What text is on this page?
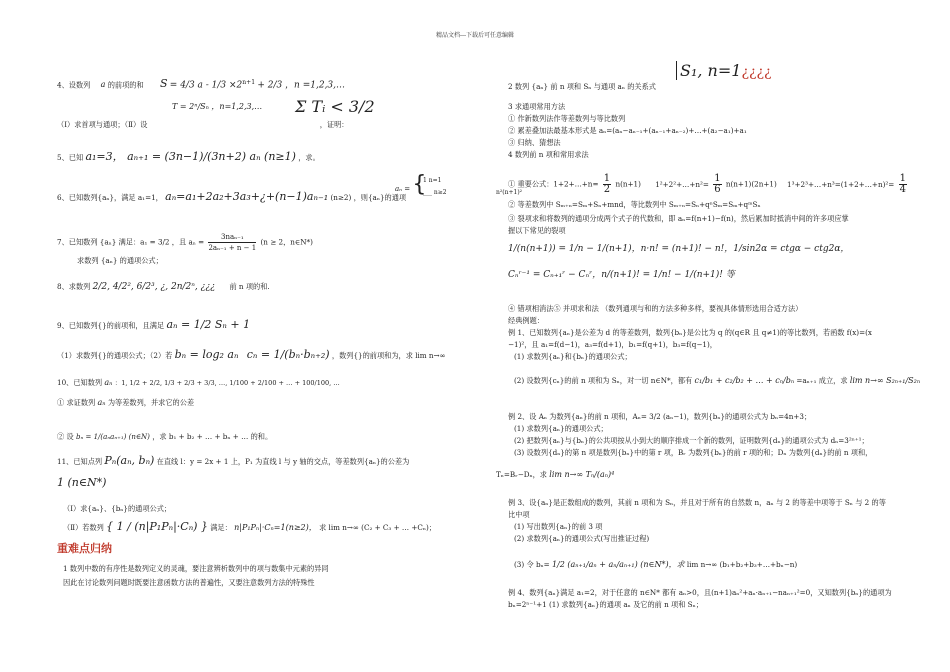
精品文档---下载后可任意编辑
4、设数列 a 的前项的和 S = 4/3 $a - 1/3 \times 2^{n+1} + 2/3$ ，n =1,2,3,…
T = 2ⁿ/Sₙ ，n=1,2,3,… Σ Tᵢ < 3/2
（Ⅰ）求首项与通项；（Ⅱ）设	，证明：
5、已知 a₁=3， aₙ₊₁ = (3n−1)/(3n+2) aₙ (n≥1) ，求。
6、已知数列{aₙ}，满足 a₁=1， aₙ=a₁+2a₂+3a₃+¿+(n−1)aₙ₋₁ (n≥2) ，则{aₙ}的通项
aₙ = {
1 n=1
___ n≥2
7、已知数列 {aₙ} 满足：a₁ = 3/2 ，且 $a_n = \frac{\text{3naₙ₋₁}}{\text{2aₙ₋₁ + n − 1}} (n \ge 2$，n∈N*)
求数列 {aₙ} 的通项公式；
8、求数列 2/2, 4/2², 6/2³, ¿, 2n/2ⁿ, ¿¿¿ 前 n 项的和.
9、已知数列{}的前项和，且满足 aₙ = 1/2 Sₙ + 1
（1）求数列{}的通项公式；（2）若 bₙ = log₂ aₙ cₙ = 1/(bₙ·bₙ₊₂) ，数列{}的前项和为，求 lim n→∞
10、已知数列 aₙ ：1, 1/2 + 2/2, 1/3 + 2/3 + 3/3, …, 1/100 + 2/100 + … + 100/100, …
① 求证数列 aₙ 为等差数列，并求它的公差
② 设 bₙ = 1/(aₙaₙ₊₁) (n∈N) ，求 b₁ + b₂ + … + bₙ + … 的和。
11、已知点列 Pₙ(aₙ, bₙ) 在直线 l：y = 2x + 1 上，P₁ 为直线 l 与 y 轴的交点，等差数列{aₙ}的公差为
1 (n∈N*)
（Ⅰ）求{aₙ}、{bₙ}的通项公式；
（Ⅱ）若数列 { 1 / (n|P₁Pₙ|·Cₙ) } 满足： n|P₁Pₙ|·Cₙ=1(n≥2)， 求 lim n→∞ (C₂ + C₃ + … +Cₙ)；
重难点归纳
1 数列中数的有序性是数列定义的灵魂，要注意辨析数列中的项与数集中元素的异同
因此在讨论数列问题时既要注意函数方法的普遍性，又要注意数列方法的特殊性
2 数列 {aₙ} 前 n 项和 Sₙ 与通项 aₙ 的关系式
S₁, n=1¿¿¿¿
3 求通项常用方法
① 作新数列法作等差数列与等比数列
② 累差叠加法最基本形式是 aₙ=(aₙ−aₙ₋₁+(aₙ₋₁+aₙ₋₂)+…+(a₂−a₁)+a₁
③ 归纳、猜想法
4 数列前 n 项和常用求法
① 重要公式：1+2+…+n= $\frac{1}{2} n(n+1)$ 1²+2²+…+n²= $\frac{1}{6} n(n+1)(2n+1)$ 1³+2³+…+n³=(1+2+…+n)²= $\frac{1}{4}$
n²(n+1)²
② 等差数列中 Sₘ₊ₙ=Sₘ+Sₙ+mnd，等比数列中 Sₘ₊ₙ=Sₙ+qⁿSₘ=Sₘ+qᵐSₙ
③ 裂项求和将数列的通项分成两个式子的代数和，即 aₙ=f(n+1)−f(n)，然后累加时抵消中间的许多项应掌
握以下常见的裂项
1/(n(n+1)) = 1/n − 1/(n+1)，n·n! = (n+1)! − n!，1/sin2α = ctgα − ctg2α，
Cₙʳ⁻¹ = Cₙ₊₁ʳ − Cₙʳ，n/(n+1)! = 1/n! − 1/(n+1)! 等
④ 错项相消法⑤ 并项求和法 （数列通项与和的方法多种多样，要视具体情形选用合适方法）
经典例题：
例 1、已知数列{aₙ}是公差为 d 的等差数列，数列{bₙ}是公比为 q 的(q∈R 且 q≠1)的等比数列，若函数 f(x)=(x
−1)²，且 a₁=f(d−1)，a₃=f(d+1)，b₁=f(q+1)，b₃=f(q−1)，
(1) 求数列{aₙ}和{bₙ}的通项公式；
(2) 设数列{cₙ}的前 n 项和为 Sₙ，对一切 n∈N*，都有 c₁/b₁ + c₂/b₂ + … + cₙ/bₙ =aₙ₊₁ 成立，求 lim n→∞ S₂ₙ₊₁/S₂ₙ
例 2、设 Aₙ 为数列{aₙ}的前 n 项和，Aₙ= 3/2 (aₙ−1)，数列{bₙ}的通项公式为 bₙ=4n+3；
(1) 求数列{aₙ}的通项公式；
(2) 把数列{aₙ}与{bₙ}的公共项按从小到大的顺序排成一个新的数列，证明数列{dₙ}的通项公式为 dₙ=3²ⁿ⁺¹；
(3) 设数列{dₙ}的第 n 项是数列{bₙ}中的第 r 项，Bᵣ 为数列{bₙ}的前 r 项的和；Dₙ 为数列{dₙ}的前 n 项和，
Tₙ=Bᵣ−Dₙ，求 lim n→∞ Tₙ/(aₙ)⁴
例 3、设{aₙ}是正数组成的数列，其前 n 项和为 Sₙ，并且对于所有的自然数 n，aₙ 与 2 的等差中项等于 Sₙ 与 2 的等
比中项
(1) 写出数列{aₙ}的前 3 项
(2) 求数列{aₙ}的通项公式(写出推证过程)
(3) 令 bₙ= 1/2 (aₙ₊₁/aₙ + aₙ/aₙ₊₁) (n∈N*)，求 lim n→∞ (b₁+b₂+b₃+…+bₙ−n)
例 4、数列{aₙ}满足 a₁=2，对于任意的 n∈N* 都有 aₙ>0，且(n+1)aₙ²+aₙ·aₙ₊₁−naₙ₊₁²=0，又知数列{bₙ}的通项为
bₙ=2ⁿ⁻¹+1 (1) 求数列{aₙ}的通项 aₙ 及它的前 n 项和 Sₙ；
